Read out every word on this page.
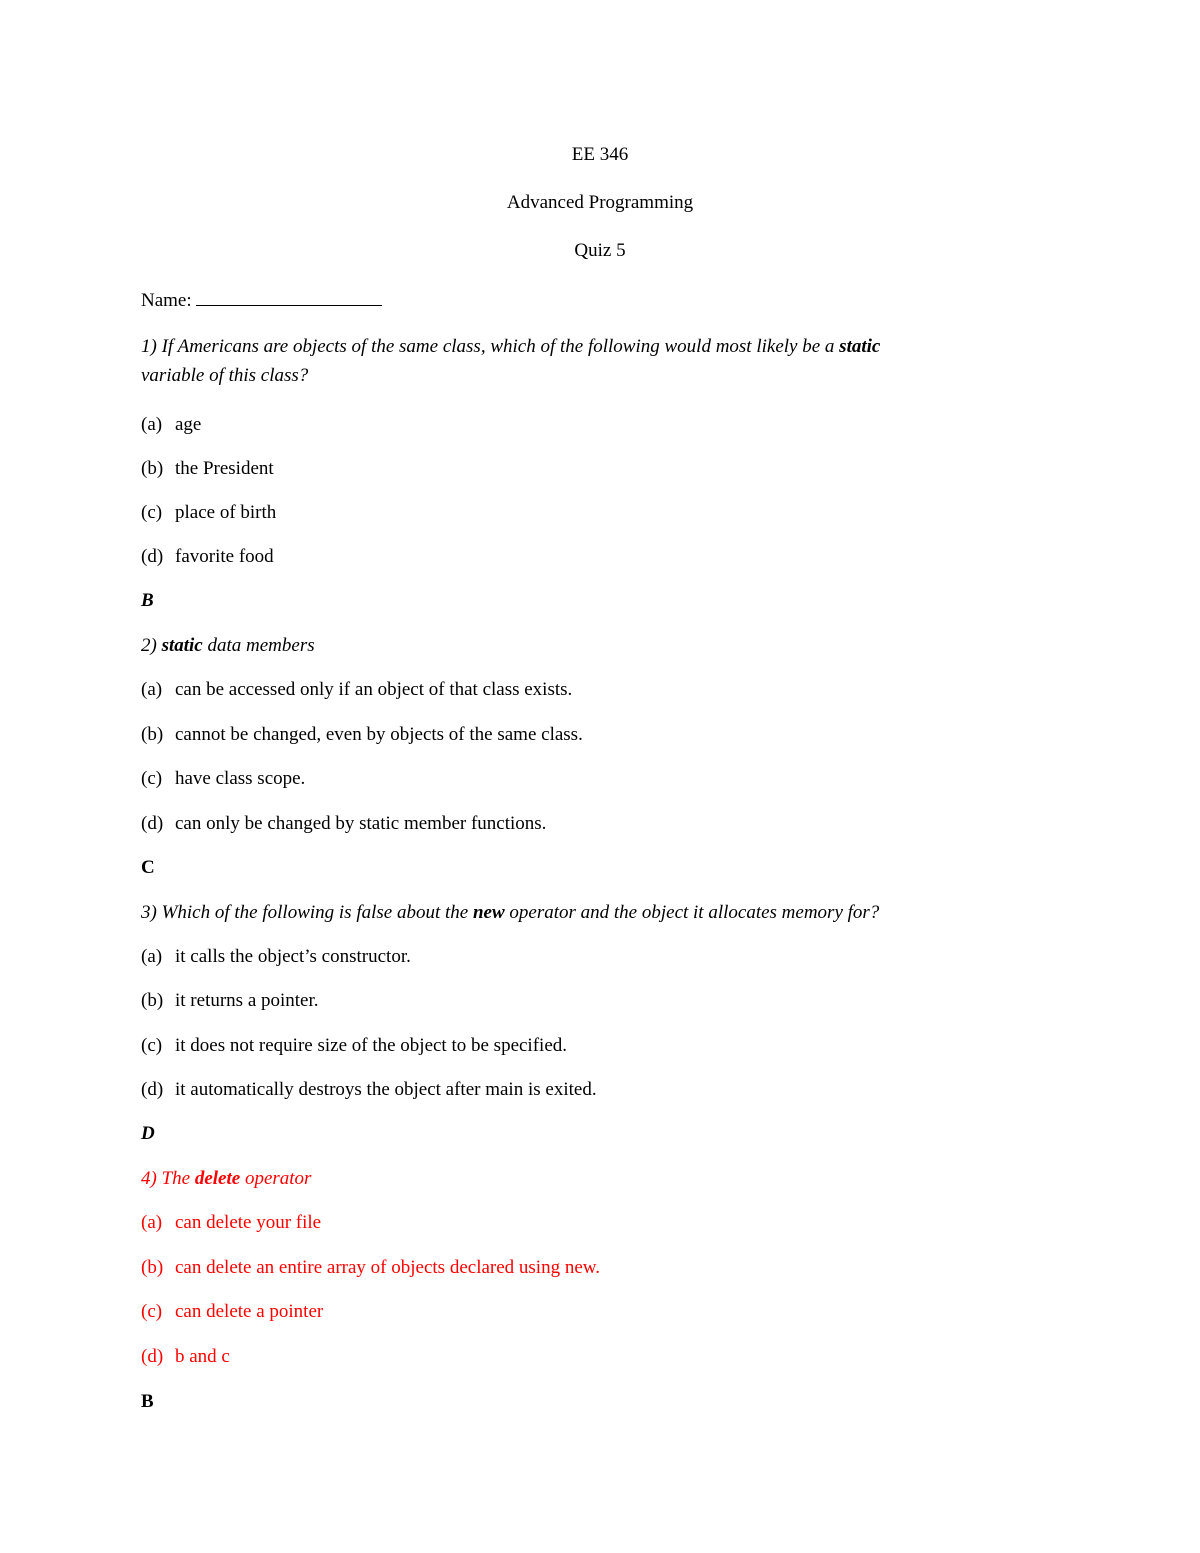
EE 346
Advanced Programming
Quiz 5
Name:
1) If Americans are objects of the same class, which of the following would most likely be a static
variable of this class?
(a) age
(b) the President
(c) place of birth
(d) favorite food
B
2) static data members
(a) can be accessed only if an object of that class exists.
(b) cannot be changed, even by objects of the same class.
(c) have class scope.
(d) can only be changed by static member functions.
C
3) Which of the following is false about the new operator and the object it allocates memory for?
(a) it calls the object’s constructor.
(b) it returns a pointer.
(c) it does not require size of the object to be specified.
(d) it automatically destroys the object after main is exited.
D
4) The delete operator
(a) can delete your file
(b) can delete an entire array of objects declared using new.
(c) can delete a pointer
(d) b and c
B
